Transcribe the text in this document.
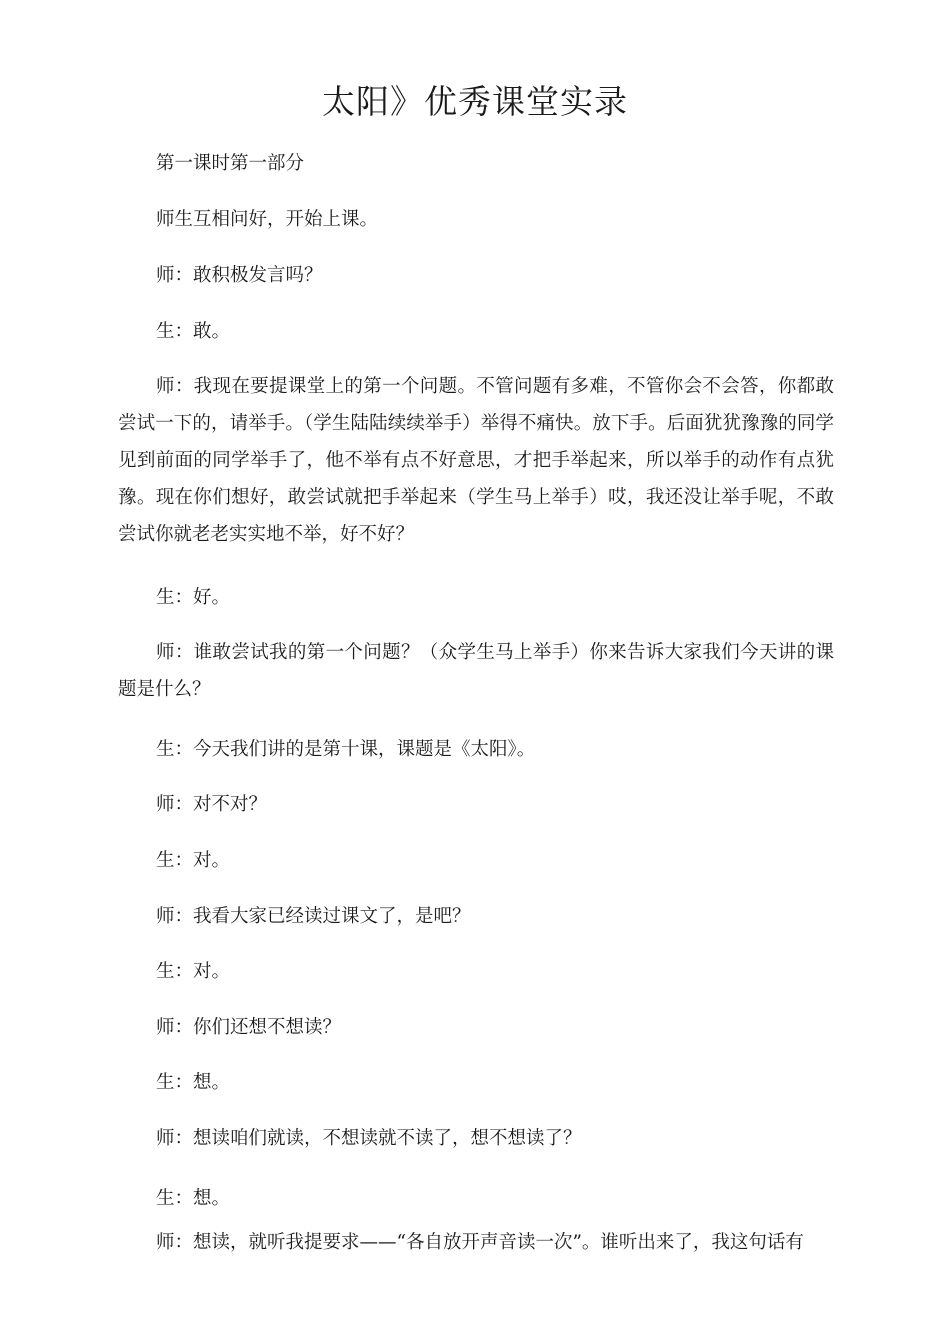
太阳》优秀课堂实录

第一课时第一部分

师生互相问好，开始上课。

师：敢积极发言吗？

生：敢。

师：我现在要提课堂上的第一个问题。不管问题有多难，不管你会不会答，你都敢尝试一下的，请举手。（学生陆陆续续举手）举得不痛快。放下手。后面犹犹豫豫的同学见到前面的同学举手了，他不举有点不好意思，才把手举起来，所以举手的动作有点犹豫。现在你们想好，敢尝试就把手举起来（学生马上举手）哎，我还没让举手呢，不敢尝试你就老老实实地不举，好不好？

生：好。

师：谁敢尝试我的第一个问题？（众学生马上举手）你来告诉大家我们今天讲的课题是什么？

生：今天我们讲的是第十课，课题是《太阳》。

师：对不对？

生：对。

师：我看大家已经读过课文了，是吧？

生：对。

师：你们还想不想读？

生：想。

师：想读咱们就读，不想读就不读了，想不想读了？

生：想。

师：想读，就听我提要求——“各自放开声音读一次”。谁听出来了，我这句话有
